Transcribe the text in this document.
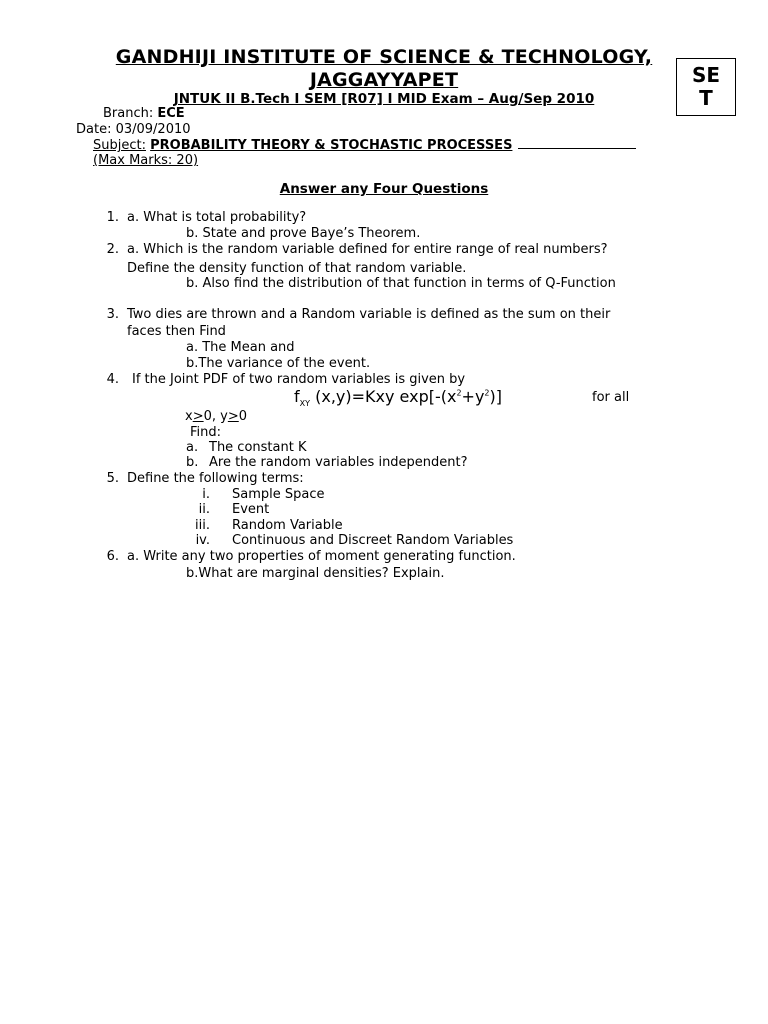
GANDHIJI INSTITUTE OF SCIENCE & TECHNOLOGY,
JAGGAYYAPET	SE
T
JNTUK II B.Tech I SEM [R07] I MID Exam – Aug/Sep 2010
Branch: ECE
Date: 03/09/2010
Subject: PROBABILITY THEORY & STOCHASTIC PROCESSES
(Max Marks: 20)
Answer any Four Questions
1. a. What is total probability?
b. State and prove Baye’s Theorem.
2. a. Which is the random variable defined for entire range of real numbers?
Define the density function of that random variable.
b. Also find the distribution of that function in terms of Q-Function
3. Two dies are thrown and a Random variable is defined as the sum on their
faces then Find
a. The Mean and
b.The variance of the event.
4. If the Joint PDF of two random variables is given by
$f_{XY}$ (x,y)=Kxy $\exp[-(x^2+y^2)]$	for all
x>0, y>0
Find:
a. The constant K
b. Are the random variables independent?
5. Define the following terms:
i. Sample Space
ii. Event
iii. Random Variable
iv. Continuous and Discreet Random Variables
6. a. Write any two properties of moment generating function.
b.What are marginal densities? Explain.
